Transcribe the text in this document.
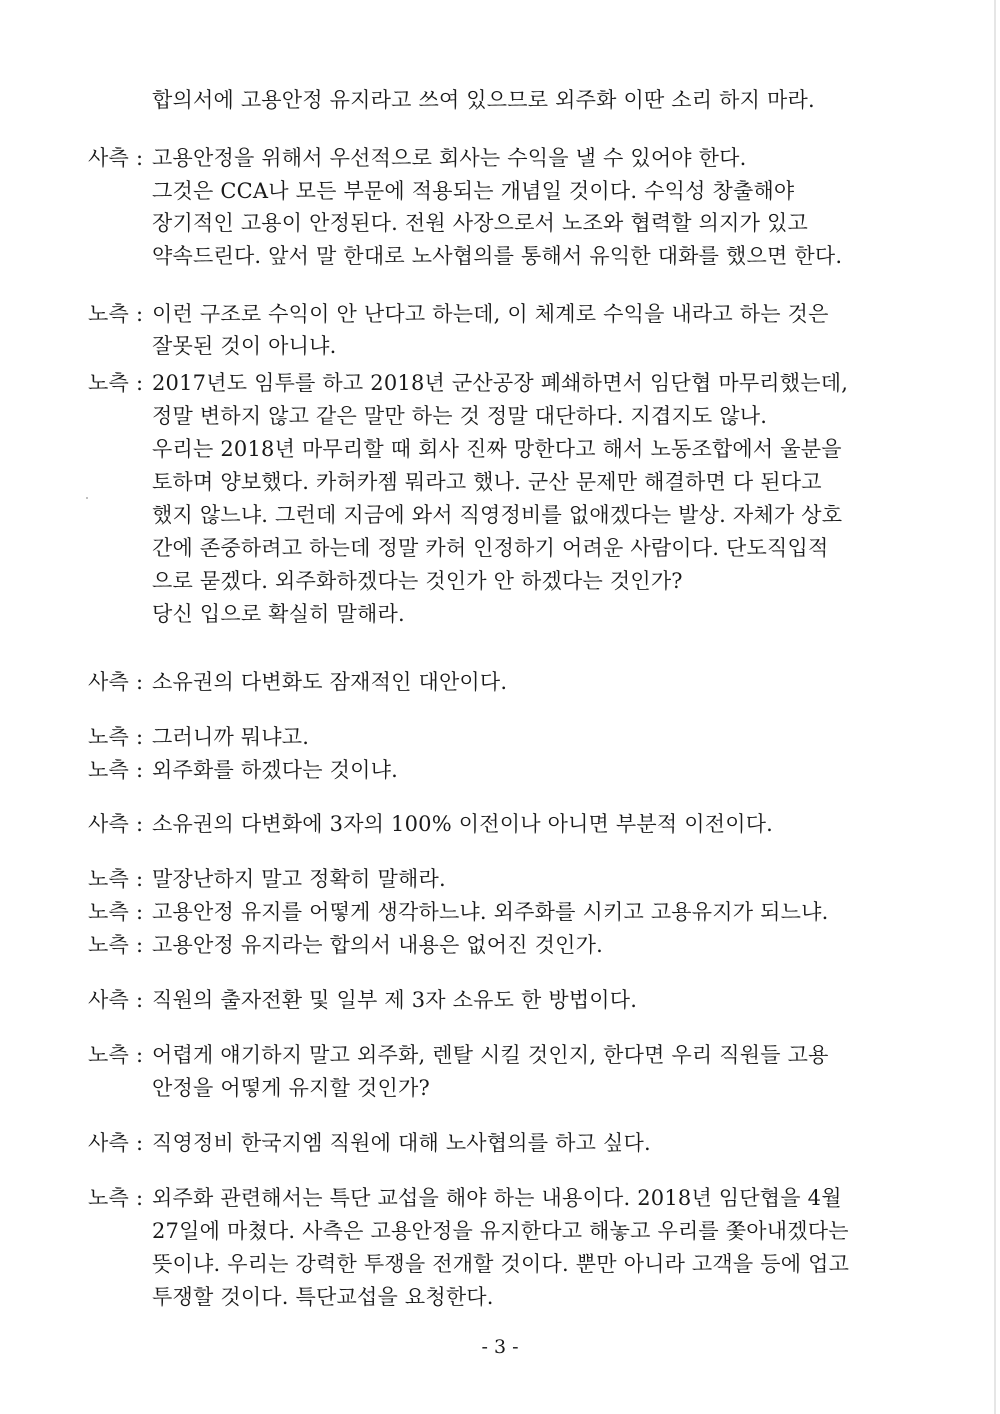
합의서에 고용안정 유지라고 쓰여 있으므로 외주화 이딴 소리 하지 마라.
사측 : 고용안정을 위해서 우선적으로 회사는 수익을 낼 수 있어야 한다.
그것은 CCA나 모든 부문에 적용되는 개념일 것이다. 수익성 창출해야
장기적인 고용이 안정된다. 전원 사장으로서 노조와 협력할 의지가 있고
약속드린다. 앞서 말 한대로 노사협의를 통해서 유익한 대화를 했으면 한다.
노측 : 이런 구조로 수익이 안 난다고 하는데, 이 체계로 수익을 내라고 하는 것은
잘못된 것이 아니냐.
노측 : 2017년도 임투를 하고 2018년 군산공장 폐쇄하면서 임단협 마무리했는데,
정말 변하지 않고 같은 말만 하는 것 정말 대단하다. 지겹지도 않나.
우리는 2018년 마무리할 때 회사 진짜 망한다고 해서 노동조합에서 울분을
토하며 양보했다. 카허카젬 뭐라고 했나. 군산 문제만 해결하면 다 된다고
했지 않느냐. 그런데 지금에 와서 직영정비를 없애겠다는 발상. 자체가 상호
간에 존중하려고 하는데 정말 카허 인정하기 어려운 사람이다. 단도직입적
으로 묻겠다. 외주화하겠다는 것인가 안 하겠다는 것인가?
당신 입으로 확실히 말해라.
사측 : 소유권의 다변화도 잠재적인 대안이다.
노측 : 그러니까 뭐냐고.
노측 : 외주화를 하겠다는 것이냐.
사측 : 소유권의 다변화에 3자의 100% 이전이나 아니면 부분적 이전이다.
노측 : 말장난하지 말고 정확히 말해라.
노측 : 고용안정 유지를 어떻게 생각하느냐. 외주화를 시키고 고용유지가 되느냐.
노측 : 고용안정 유지라는 합의서 내용은 없어진 것인가.
사측 : 직원의 출자전환 및 일부 제 3자 소유도 한 방법이다.
노측 : 어렵게 얘기하지 말고 외주화, 렌탈 시킬 것인지, 한다면 우리 직원들 고용
안정을 어떻게 유지할 것인가?
사측 : 직영정비 한국지엠 직원에 대해 노사협의를 하고 싶다.
노측 : 외주화 관련해서는 특단 교섭을 해야 하는 내용이다. 2018년 임단협을 4월
27일에 마쳤다. 사측은 고용안정을 유지한다고 해놓고 우리를 쫓아내겠다는
뜻이냐. 우리는 강력한 투쟁을 전개할 것이다. 뿐만 아니라 고객을 등에 업고
투쟁할 것이다. 특단교섭을 요청한다.
- 3 -
